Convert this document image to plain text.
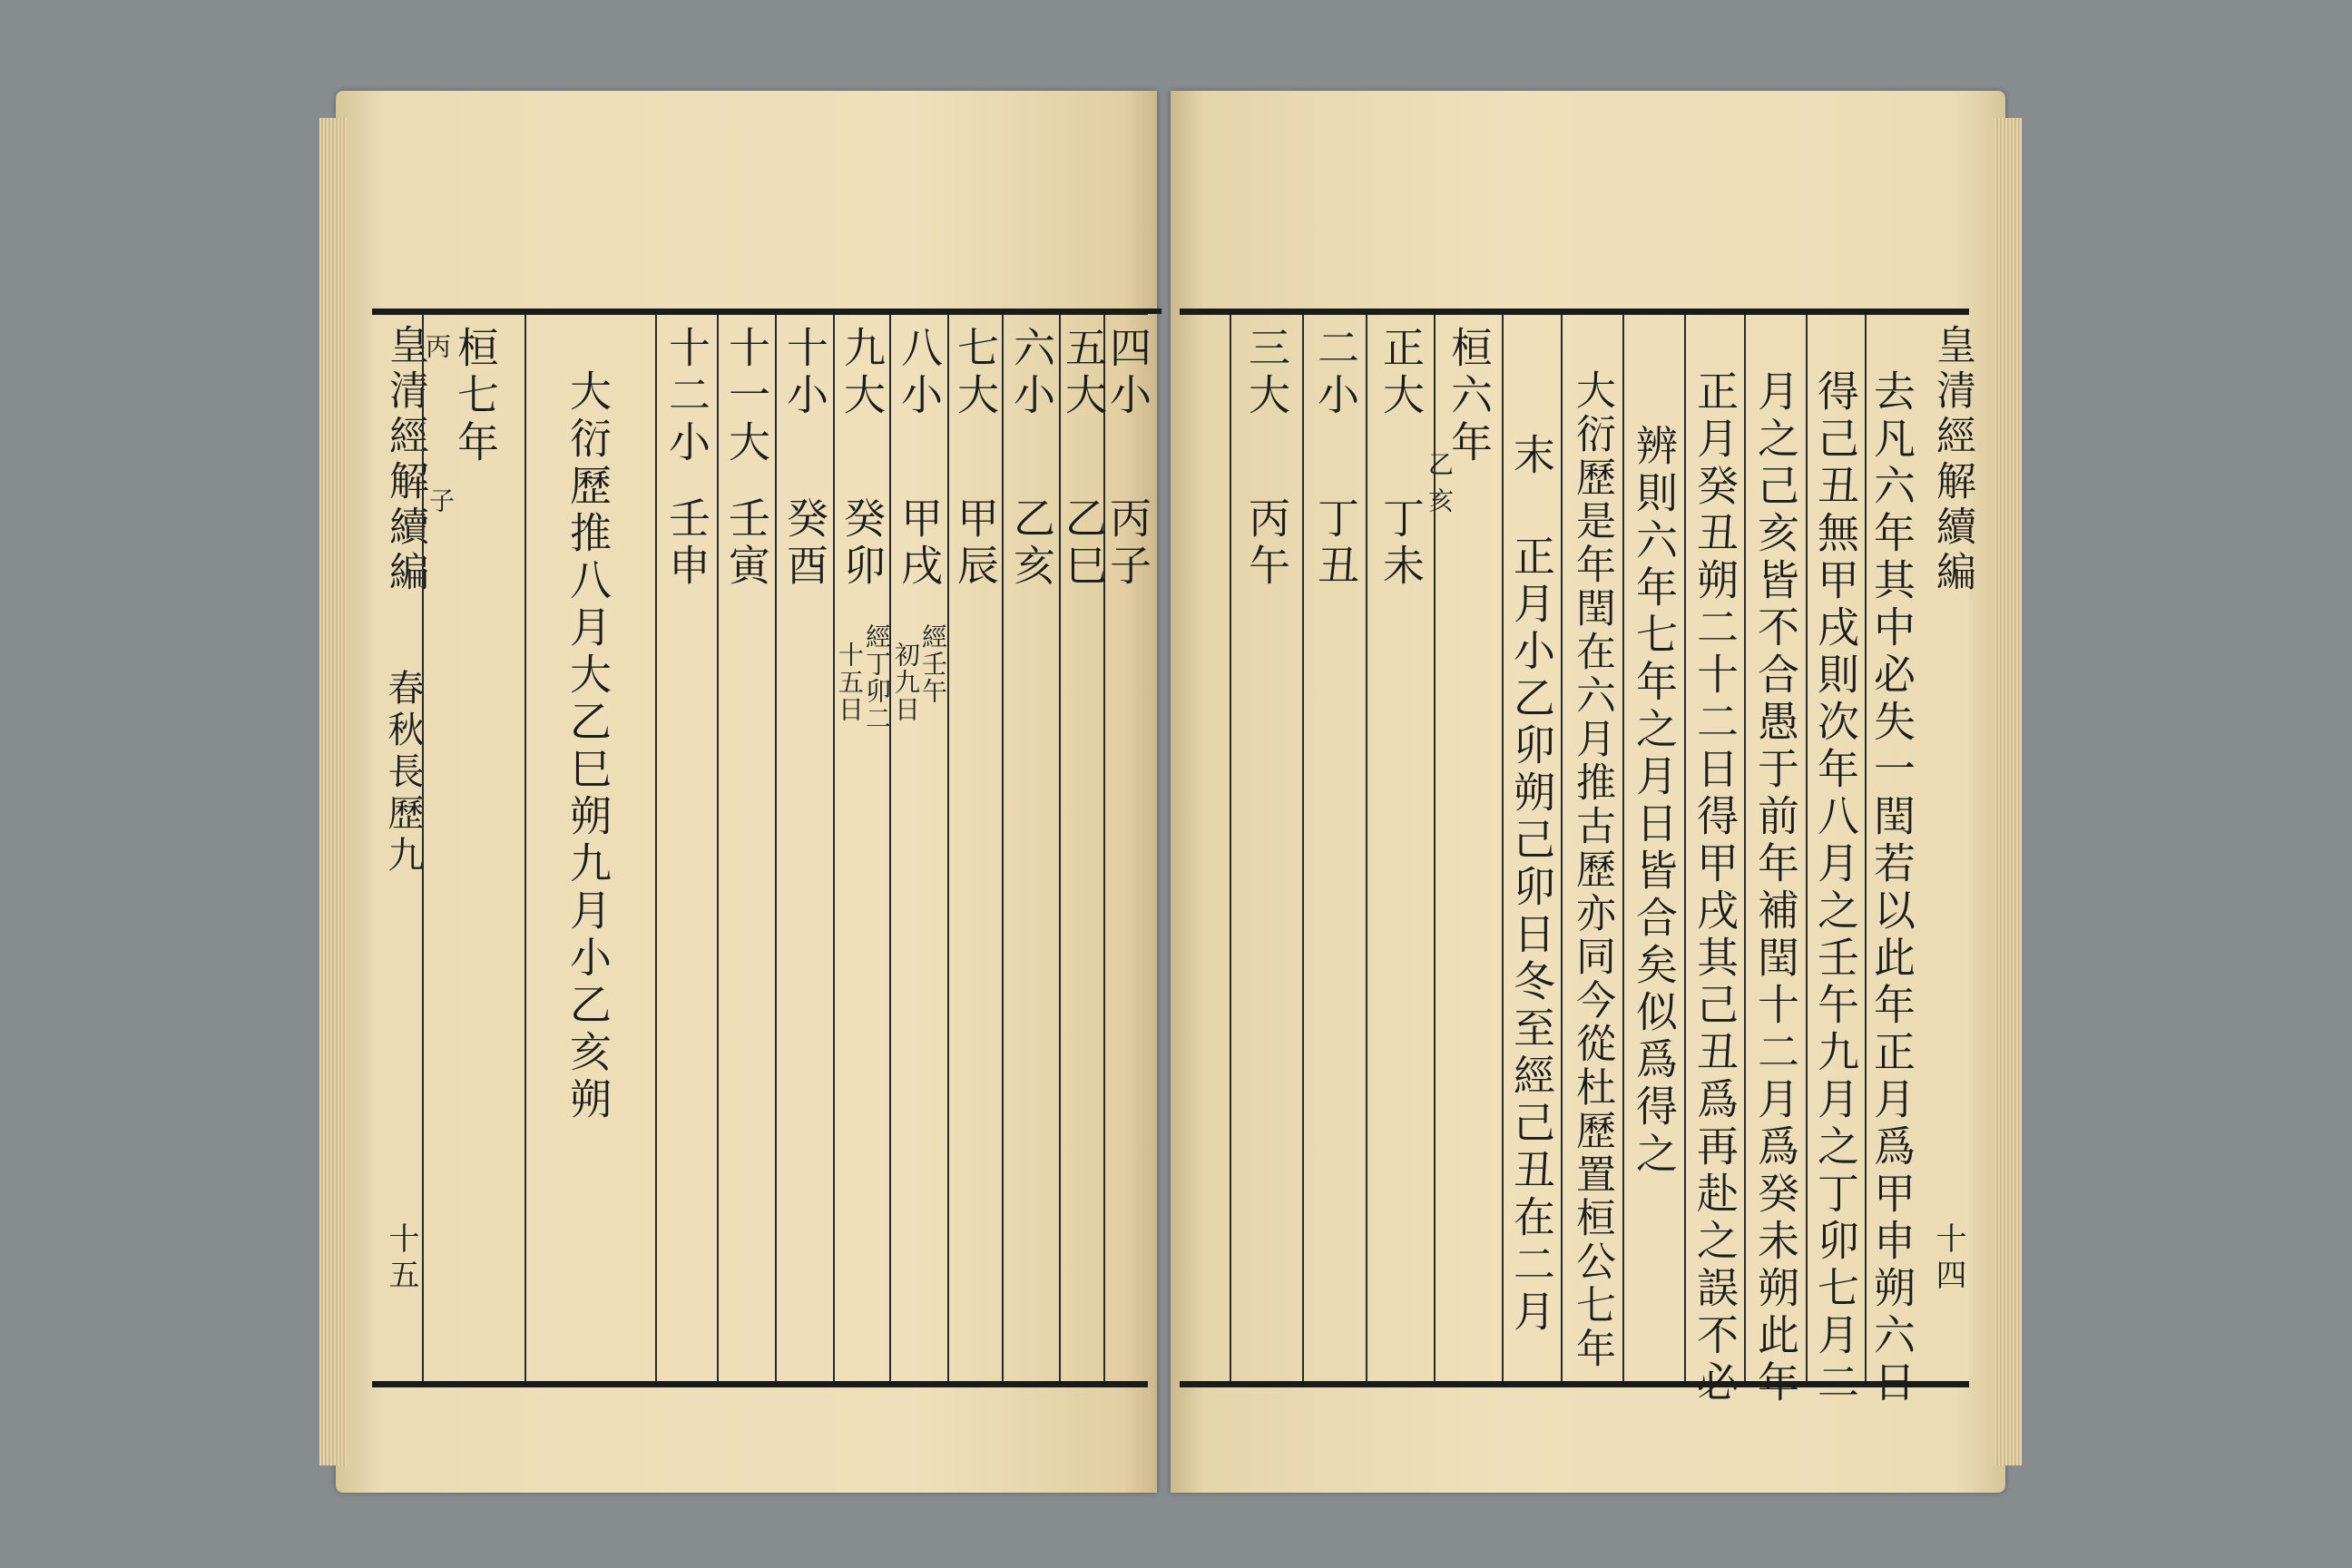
皇清經解續編
春秋長歷九
十五
四小
丙子
五大
乙巳
六小
乙亥
七大
甲辰
八小
甲戌
經壬午
初九日
九大
癸卯
經丁卯二
十五日
十小
癸酉
十一大
壬寅
十二小
壬申
大衍歷推八月大乙巳朔九月小乙亥朔
桓七年
丙
子	皇清經解續編
十四
去凡六年其中必失一閏若以此年正月爲甲申朔六日
得己丑無甲戌則次年八月之壬午九月之丁卯七月二
月之己亥皆不合愚于前年補閏十二月爲癸未朔此年
正月癸丑朔二十二日得甲戌其己丑爲再赴之誤不必
辨則六年七年之月日皆合矣似爲得之
大衍歷是年閏在六月推古歷亦同今從杜歷置桓公七年
末 正月小乙卯朔己卯日冬至經己丑在二月
桓六年
乙
亥
正大
丁未
二小
丁丑
三大
丙午
